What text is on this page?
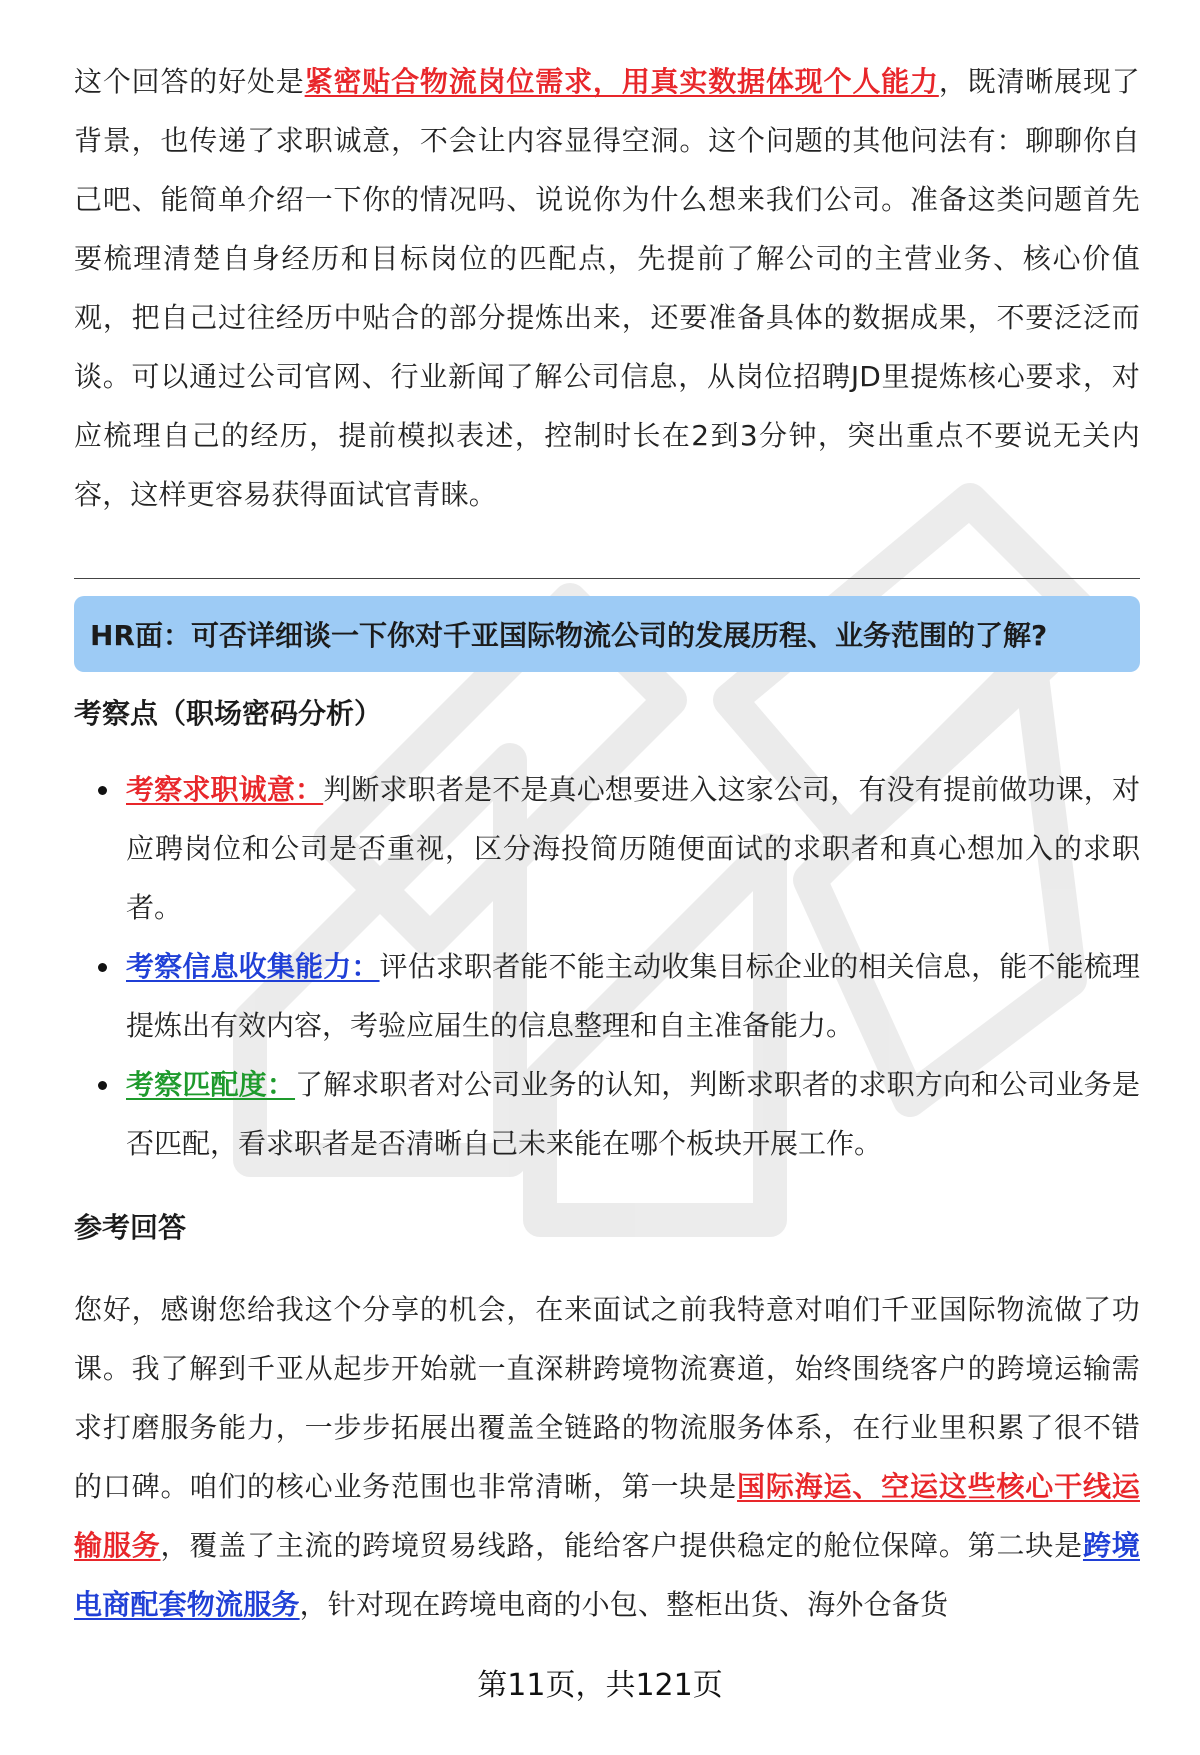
这个回答的好处是紧密贴合物流岗位需求，用真实数据体现个人能力，既清晰展现了背景，也传递了求职诚意，不会让内容显得空洞。这个问题的其他问法有：聊聊你自己吧、能简单介绍一下你的情况吗、说说你为什么想来我们公司。准备这类问题首先要梳理清楚自身经历和目标岗位的匹配点，先提前了解公司的主营业务、核心价值观，把自己过往经历中贴合的部分提炼出来，还要准备具体的数据成果，不要泛泛而谈。可以通过公司官网、行业新闻了解公司信息，从岗位招聘JD里提炼核心要求，对应梳理自己的经历，提前模拟表述，控制时长在2到3分钟，突出重点不要说无关内容，这样更容易获得面试官青睐。

HR面：可否详细谈一下你对千亚国际物流公司的发展历程、业务范围的了解?
考察点（职场密码分析）
考察求职诚意：判断求职者是不是真心想要进入这家公司，有没有提前做功课，对应聘岗位和公司是否重视，区分海投简历随便面试的求职者和真心想加入的求职者。
考察信息收集能力：评估求职者能不能主动收集目标企业的相关信息，能不能梳理提炼出有效内容，考验应届生的信息整理和自主准备能力。
考察匹配度：了解求职者对公司业务的认知，判断求职者的求职方向和公司业务是否匹配，看求职者是否清晰自己未来能在哪个板块开展工作。
参考回答

您好，感谢您给我这个分享的机会，在来面试之前我特意对咱们千亚国际物流做了功课。我了解到千亚从起步开始就一直深耕跨境物流赛道，始终围绕客户的跨境运输需求打磨服务能力，一步步拓展出覆盖全链路的物流服务体系，在行业里积累了很不错的口碑。咱们的核心业务范围也非常清晰，第一块是国际海运、空运这些核心干线运输服务，覆盖了主流的跨境贸易线路，能给客户提供稳定的舱位保障。第二块是跨境电商配套物流服务，针对现在跨境电商的小包、整柜出货、海外仓备货

第11页，共121页
